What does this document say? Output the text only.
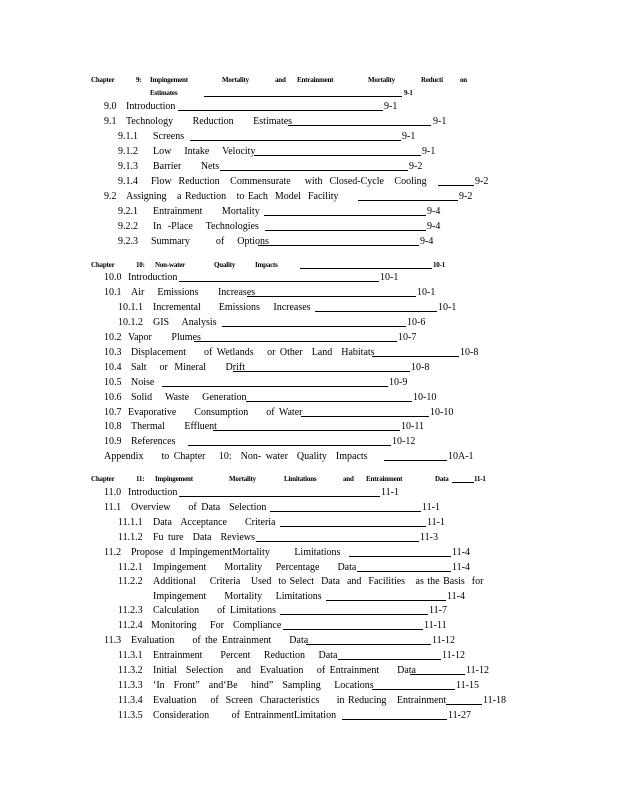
Chapter	9: Impingement	Mortality	and Entrainment	Mortality	Reducti on
Estimates	9-1
9.0 Introduction	9-1
9.1 Technology   Reduction   Estimates	9-1
9.1.1 Screens	9-1
9.1.2 Low  Intake  Velocity	9-1
9.1.3 Barrier   Nets	9-2
9.1.4 Flow  Reduction   Commensurate    with  Closed-Cycle   Cooling	9-2
9.2 Assigning   a Reduction   to Each  Model  Facility	9-2
9.2.1 Entrainment   Mortality	9-4
9.2.2 In -Place  Technologies	9-4
9.2.3 Summary    of  Options	9-4
Chapter	10: Non-water	Quality	Impacts	10-1
10.0 Introduction	10-1
10.1 Air  Emissions   Increases	10-1
10.1.1 Incremental    Emissions   Increases	10-1
10.1.2 GIS  Analysis	10-6
10.2 Vapor   Plumes	10-7
10.3 Displacement    of Wetlands   or Other  Land  Habitats	10-8
10.4 Salt  or Mineral   Drift	10-8
10.5 Noise	10-9
10.6 Solid  Waste  Generation	10-10
10.7 Evaporative    Consumption    of Water	10-10
10.8 Thermal   Effluent	10-11
10.9 References	10-12
Appendix    to Chapter   10:  Non- water  Quality  Impacts	10A-1
Chapter	11: Impingement	Mortality	Limitations	and Entrainment	Data	11-1
11.0 Introduction	11-1
11.1 Overview    of Data  Selection	11-1
11.1.1 Data  Acceptance    Criteria	11-1
11.1.2 Fu ture  Data  Reviews	11-3
11.2 Propose  d ImpingementMortality       Limitations	11-4
11.2.1 Impingement    Mortality   Percentage    Data	11-4
11.2.2 Additional    Criteria   Used  to Select  Data  and  Facilities   as the Basis  for
Impingement    Mortality   Limitations	11-4
11.2.3 Calculation    of Limitations	11-7
11.2.4 Monitoring   For  Compliance	11-11
11.3 Evaluation    of the Entrainment    Data	11-12
11.3.1 Entrainment    Percent   Reduction   Data	11-12
11.3.2 Initial  Selection   and  Evaluation   of Entrainment    Data	11-12
11.3.3 ‘In  Front”  and‘Be   hind”  Sampling   Locations	11-15
11.3.4 Evaluation    of  Screen  Characteristics     in Reducing   Entrainment	11-18
11.3.5 Consideration     of EntrainmentLimitation	11-27
